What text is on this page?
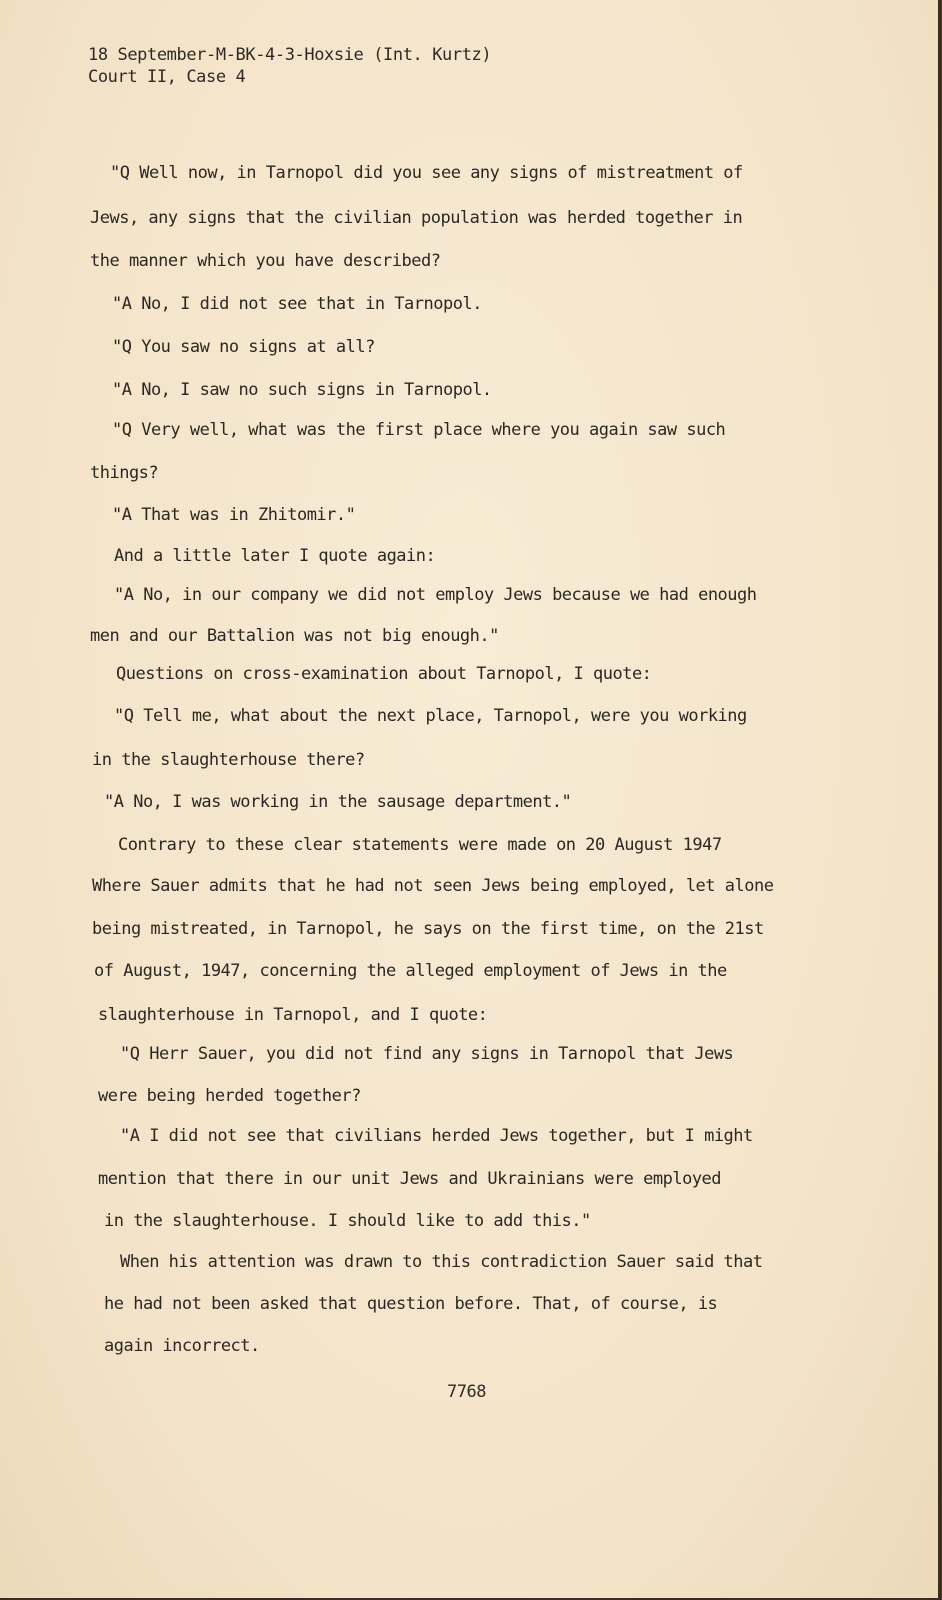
18 September-M-BK-4-3-Hoxsie (Int. Kurtz)
Court II, Case 4
"Q Well now, in Tarnopol did you see any signs of mistreatment of
Jews, any signs that the civilian population was herded together in
the manner which you have described?
"A No, I did not see that in Tarnopol.
"Q You saw no signs at all?
"A No, I saw no such signs in Tarnopol.
"Q Very well, what was the first place where you again saw such
things?
"A That was in Zhitomir."
And a little later I quote again:
"A No, in our company we did not employ Jews because we had enough
men and our Battalion was not big enough."
Questions on cross-examination about Tarnopol, I quote:
"Q Tell me, what about the next place, Tarnopol, were you working
in the slaughterhouse there?
"A No, I was working in the sausage department."
Contrary to these clear statements were made on 20 August 1947
Where Sauer admits that he had not seen Jews being employed, let alone
being mistreated, in Tarnopol, he says on the first time, on the 21st
of August, 1947, concerning the alleged employment of Jews in the
slaughterhouse in Tarnopol, and I quote:
"Q Herr Sauer, you did not find any signs in Tarnopol that Jews
were being herded together?
"A I did not see that civilians herded Jews together, but I might
mention that there in our unit Jews and Ukrainians were employed
in the slaughterhouse. I should like to add this."
When his attention was drawn to this contradiction Sauer said that
he had not been asked that question before. That, of course, is
again incorrect.
7768
